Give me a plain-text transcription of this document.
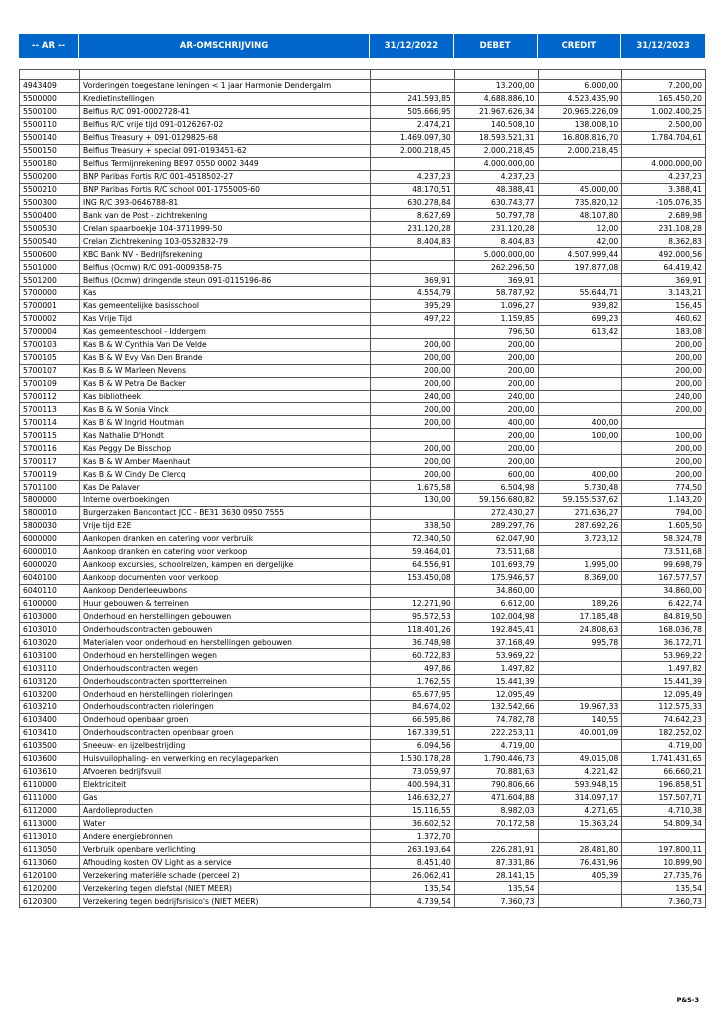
-- AR --	AR-OMSCHRIJVING	31/12/2022	DEBET	CREDIT	31/12/2023

4943409	Vorderingen toegestane leningen < 1 jaar Harmonie Dendergalm		13.200,00	6.000,00	7.200,00
5500000	Kredietinstellingen	241.593,85	4.688.886,10	4.523.435,90	165.450,20
5500100	Belfius R/C 091-0002728-41	505.666,95	21.967.626,34	20.965.226,09	1.002.400,25
5500110	Belfius R/C vrije tijd 091-0126267-02	2.474,21	140.508,10	138.008,10	2.500,00
5500140	Belfius Treasury + 091-0129825-68	1.469.097,30	18.593.521,31	16.808.816,70	1.784.704,61
5500150	Belfius Treasury + special 091-0193451-62	2.000.218,45	2.000.218,45	2.000.218,45	
5500180	Belfius Termijnrekening BE97 0550 0002 3449		4.000.000,00		4.000.000,00
5500200	BNP Paribas Fortis R/C 001-4518502-27	4.237,23	4.237,23		4.237,23
5500210	BNP Paribas Fortis R/C school 001-1755005-60	48.170,51	48.388,41	45.000,00	3.388,41
5500300	ING R/C 393-0646788-81	630.278,84	630.743,77	735.820,12	-105.076,35
5500400	Bank van de Post - zichtrekening	8.627,69	50.797,78	48.107,80	2.689,98
5500530	Crelan spaarboekje 104-3711999-50	231.120,28	231.120,28	12,00	231.108,28
5500540	Crelan Zichtrekening 103-0532832-79	8.404,83	8.404,83	42,00	8.362,83
5500600	KBC Bank NV - Bedrijfsrekening		5.000.000,00	4.507.999,44	492.000,56
5501000	Belfius (Ocmw) R/C 091-0009358-75		262.296,50	197.877,08	64.419,42
5501200	Belfius (Ocmw) dringende steun 091-0115196-86	369,91	369,91		369,91
5700000	Kas	4.554,79	58.787,92	55.644,71	3.143,21
5700001	Kas gemeentelijke basisschool	395,29	1.096,27	939,82	156,45
5700002	Kas Vrije Tijd	497,22	1.159,85	699,23	460,62
5700004	Kas gemeenteschool - Iddergem		796,50	613,42	183,08
5700103	Kas B & W Cynthia Van De Velde	200,00	200,00		200,00
5700105	Kas B & W Evy Van Den Brande	200,00	200,00		200,00
5700107	Kas B & W Marleen Nevens	200,00	200,00		200,00
5700109	Kas B & W Petra De Backer	200,00	200,00		200,00
5700112	Kas bibliotheek	240,00	240,00		240,00
5700113	Kas B & W Sonia Vinck	200,00	200,00		200,00
5700114	Kas B & W Ingrid Houtman	200,00	400,00	400,00	
5700115	Kas Nathalie D'Hondt		200,00	100,00	100,00
5700116	Kas Peggy De Bisschop	200,00	200,00		200,00
5700117	Kas B & W Amber Maenhaut	200,00	200,00		200,00
5700119	Kas B & W Cindy De Clercq	200,00	600,00	400,00	200,00
5701100	Kas De Palaver	1.675,58	6.504,98	5.730,48	774,50
5800000	Interne overboekingen	130,00	59.156.680,82	59.155.537,62	1.143,20
5800010	Burgerzaken Bancontact JCC - BE31 3630 0950 7555		272.430,27	271.636,27	794,00
5800030	Vrije tijd E2E	338,50	289.297,76	287.692,26	1.605,50
6000000	Aankopen dranken en catering voor verbruik	72.340,50	62.047,90	3.723,12	58.324,78
6000010	Aankoop dranken en catering voor verkoop	59.464,01	73.511,68		73.511,68
6000020	Aankoop excursies, schoolreizen, kampen en dergelijke	64.556,91	101.693,79	1.995,00	99.698,79
6040100	Aankoop documenten voor verkoop	153.450,08	175.946,57	8.369,00	167.577,57
6040110	Aankoop Denderleeuwbons		34.860,00		34.860,00
6100000	Huur gebouwen & terreinen	12.271,90	6.612,00	189,26	6.422,74
6103000	Onderhoud en herstellingen gebouwen	95.572,53	102.004,98	17.185,48	84.819,50
6103010	Onderhoudscontracten gebouwen	118.401,26	192.845,41	24.808,63	168.036,78
6103020	Materialen voor onderhoud en herstellingen gebouwen	36.748,98	37.168,49	995,78	36.172,71
6103100	Onderhoud en herstellingen wegen	60.722,83	53.969,22		53.969,22
6103110	Onderhoudscontracten wegen	497,86	1.497,82		1.497,82
6103120	Onderhoudscontracten sportterreinen	1.762,55	15.441,39		15.441,39
6103200	Onderhoud en herstellingen rioleringen	65.677,95	12.095,49		12.095,49
6103210	Onderhoudscontracten rioleringen	84.674,02	132.542,66	19.967,33	112.575,33
6103400	Onderhoud openbaar groen	66.595,86	74.782,78	140,55	74.642,23
6103410	Onderhoudscontracten openbaar groen	167.339,51	222.253,11	40.001,09	182.252,02
6103500	Sneeuw- en ijzelbestrijding	6.094,56	4.719,00		4.719,00
6103600	Huisvuilophaling- en verwerking en recylageparken	1.530.178,28	1.790.446,73	49.015,08	1.741.431,65
6103610	Afvoeren bedrijfsvuil	73.059,97	70.881,63	4.221,42	66.660,21
6110000	Elektriciteit	400.594,31	790.806,66	593.948,15	196.858,51
6111000	Gas	146.632,27	471.604,88	314.097,17	157.507,71
6112000	Aardolieproducten	15.116,55	8.982,03	4.271,65	4.710,38
6113000	Water	36.602,52	70.172,58	15.363,24	54.809,34
6113010	Andere energiebronnen	1.372,70			
6113050	Verbruik openbare verlichting	263.193,64	226.281,91	28.481,80	197.800,11
6113060	Afhouding kosten OV Light as a service	8.451,40	87.331,86	76.431,96	10.899,90
6120100	Verzekering materiële schade (perceel 2)	26.062,41	28.141,15	405,39	27.735,76
6120200	Verzekering tegen diefstal (NIET MEER)	135,54	135,54		135,54
6120300	Verzekering tegen bedrijfsrisico's (NIET MEER)	4.739,54	7.360,73		7.360,73
P&S-3
